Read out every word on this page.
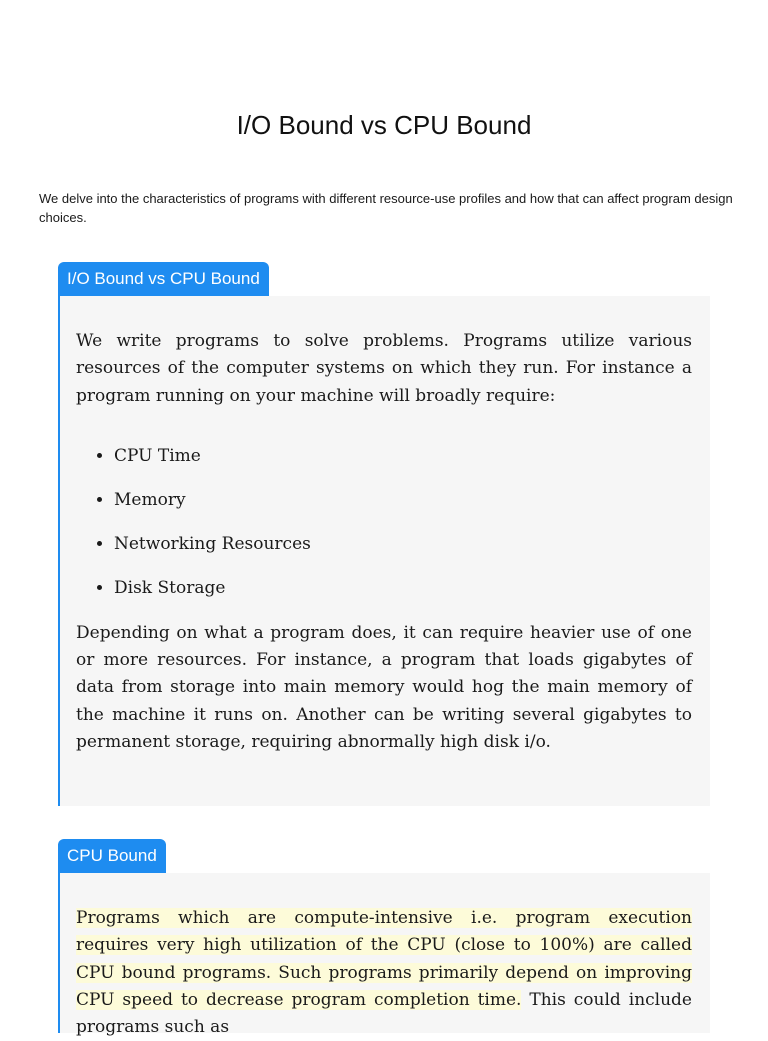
I/O Bound vs CPU Bound

We delve into the characteristics of programs with different resource-use profiles and how that can affect program design choices.

I/O Bound vs CPU Bound

We write programs to solve problems. Programs utilize various resources of the computer systems on which they run. For instance a program running on your machine will broadly require:

• CPU Time
• Memory
• Networking Resources
• Disk Storage

Depending on what a program does, it can require heavier use of one or more resources. For instance, a program that loads gigabytes of data from storage into main memory would hog the main memory of the machine it runs on. Another can be writing several gigabytes to permanent storage, requiring abnormally high disk i/o.

CPU Bound

Programs which are compute-intensive i.e. program execution requires very high utilization of the CPU (close to 100%) are called CPU bound programs. Such programs primarily depend on improving CPU speed to decrease program completion time. This could include programs such as
